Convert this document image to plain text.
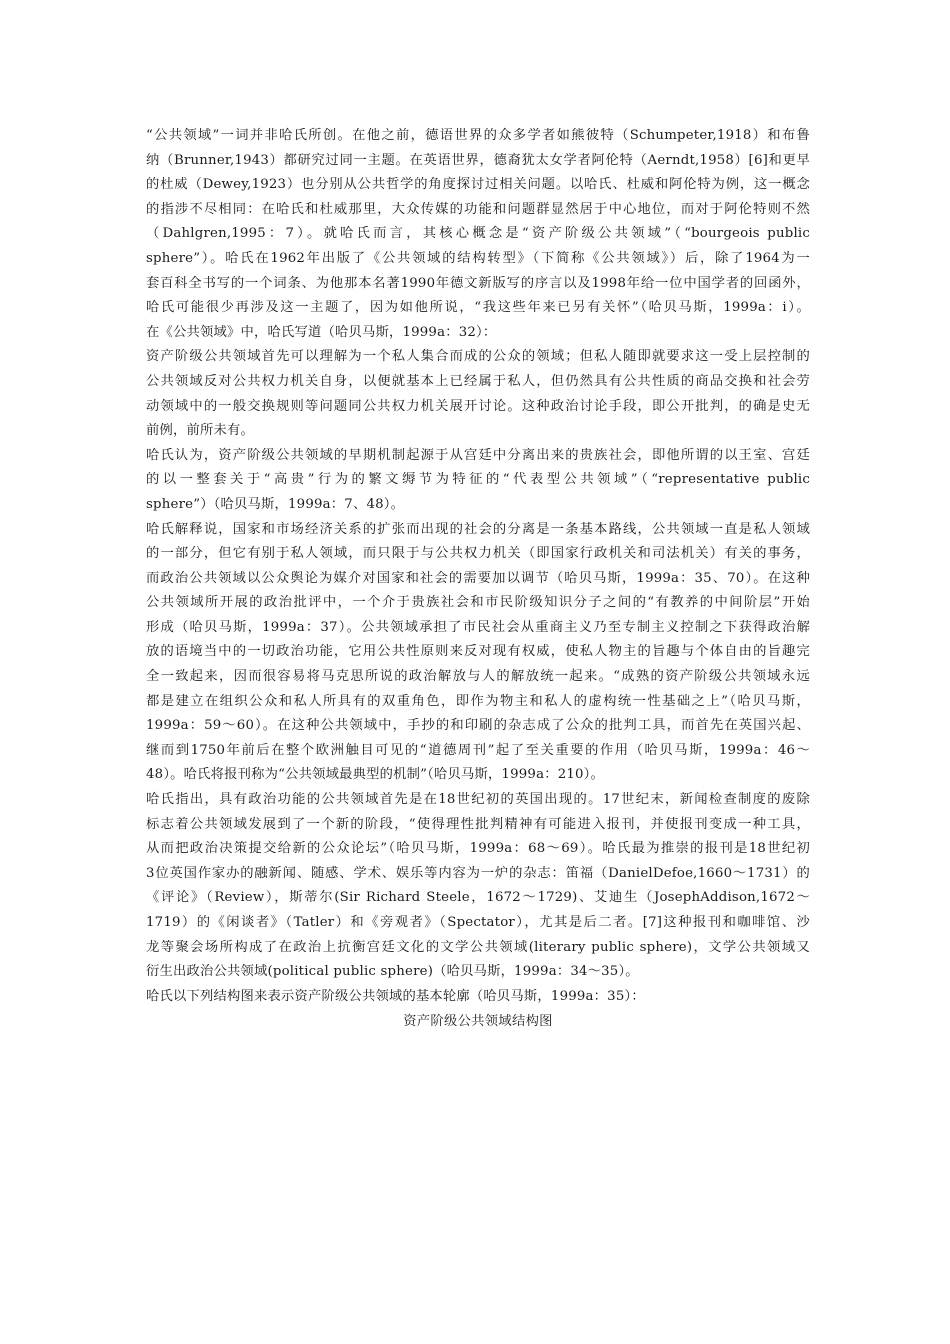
“公共领域”一词并非哈氏所创。在他之前，德语世界的众多学者如熊彼特（Schumpeter,1918）和布鲁
纳（Brunner,1943）都研究过同一主题。在英语世界，德裔犹太女学者阿伦特（Aerndt,1958）[6]和更早
的杜威（Dewey,1923）也分别从公共哲学的角度探讨过相关问题。以哈氏、杜威和阿伦特为例，这一概念
的指涉不尽相同：在哈氏和杜威那里，大众传媒的功能和问题群显然居于中心地位，而对于阿伦特则不然
（Dahlgren,1995：7）。就哈氏而言，其核心概念是“资产阶级公共领域”（“bourgeois public
sphere”）。哈氏在1962年出版了《公共领域的结构转型》（下简称《公共领域》）后，除了1964为一
套百科全书写的一个词条、为他那本名著1990年德文新版写的序言以及1998年给一位中国学者的回函外，
哈氏可能很少再涉及这一主题了，因为如他所说，“我这些年来已另有关怀”（哈贝马斯，1999a：i）。
在《公共领域》中，哈氏写道（哈贝马斯，1999a：32）：
资产阶级公共领域首先可以理解为一个私人集合而成的公众的领域；但私人随即就要求这一受上层控制的
公共领域反对公共权力机关自身，以便就基本上已经属于私人，但仍然具有公共性质的商品交换和社会劳
动领域中的一般交换规则等问题同公共权力机关展开讨论。这种政治讨论手段，即公开批判，的确是史无
前例，前所未有。
哈氏认为，资产阶级公共领域的早期机制起源于从宫廷中分离出来的贵族社会，即他所谓的以王室、宫廷
的以一整套关于“高贵”行为的繁文缛节为特征的“代表型公共领域”（“representative public
sphere”）（哈贝马斯，1999a：7、48）。
哈氏解释说，国家和市场经济关系的扩张而出现的社会的分离是一条基本路线，公共领域一直是私人领域
的一部分，但它有别于私人领域，而只限于与公共权力机关（即国家行政机关和司法机关）有关的事务，
而政治公共领域以公众舆论为媒介对国家和社会的需要加以调节（哈贝马斯，1999a：35、70）。在这种
公共领域所开展的政治批评中，一个介于贵族社会和市民阶级知识分子之间的“有教养的中间阶层”开始
形成（哈贝马斯，1999a：37）。公共领域承担了市民社会从重商主义乃至专制主义控制之下获得政治解
放的语境当中的一切政治功能，它用公共性原则来反对现有权威，使私人物主的旨趣与个体自由的旨趣完
全一致起来，因而很容易将马克思所说的政治解放与人的解放统一起来。“成熟的资产阶级公共领域永远
都是建立在组织公众和私人所具有的双重角色，即作为物主和私人的虚构统一性基础之上”（哈贝马斯，
1999a：59～60）。在这种公共领域中，手抄的和印刷的杂志成了公众的批判工具，而首先在英国兴起、
继而到1750年前后在整个欧洲触目可见的“道德周刊”起了至关重要的作用（哈贝马斯，1999a：46～
48）。哈氏将报刊称为“公共领域最典型的机制”（哈贝马斯，1999a：210）。
哈氏指出，具有政治功能的公共领域首先是在18世纪初的英国出现的。17世纪末，新闻检查制度的废除
标志着公共领域发展到了一个新的阶段，“使得理性批判精神有可能进入报刊，并使报刊变成一种工具，
从而把政治决策提交给新的公众论坛”（哈贝马斯，1999a：68～69）。哈氏最为推崇的报刊是18世纪初
3位英国作家办的融新闻、随感、学术、娱乐等内容为一炉的杂志：笛福（DanielDefoe,1660～1731）的
《评论》（Review），斯蒂尔(Sir Richard Steele，1672～1729)、艾迪生（JosephAddison,1672～
1719）的《闲谈者》（Tatler）和《旁观者》（Spectator），尤其是后二者。[7]这种报刊和咖啡馆、沙
龙等聚会场所构成了在政治上抗衡宫廷文化的文学公共领域(literary public sphere)，文学公共领域又
衍生出政治公共领域(political public sphere)（哈贝马斯，1999a：34～35）。
哈氏以下列结构图来表示资产阶级公共领域的基本轮廓（哈贝马斯，1999a：35）：
资产阶级公共领域结构图
